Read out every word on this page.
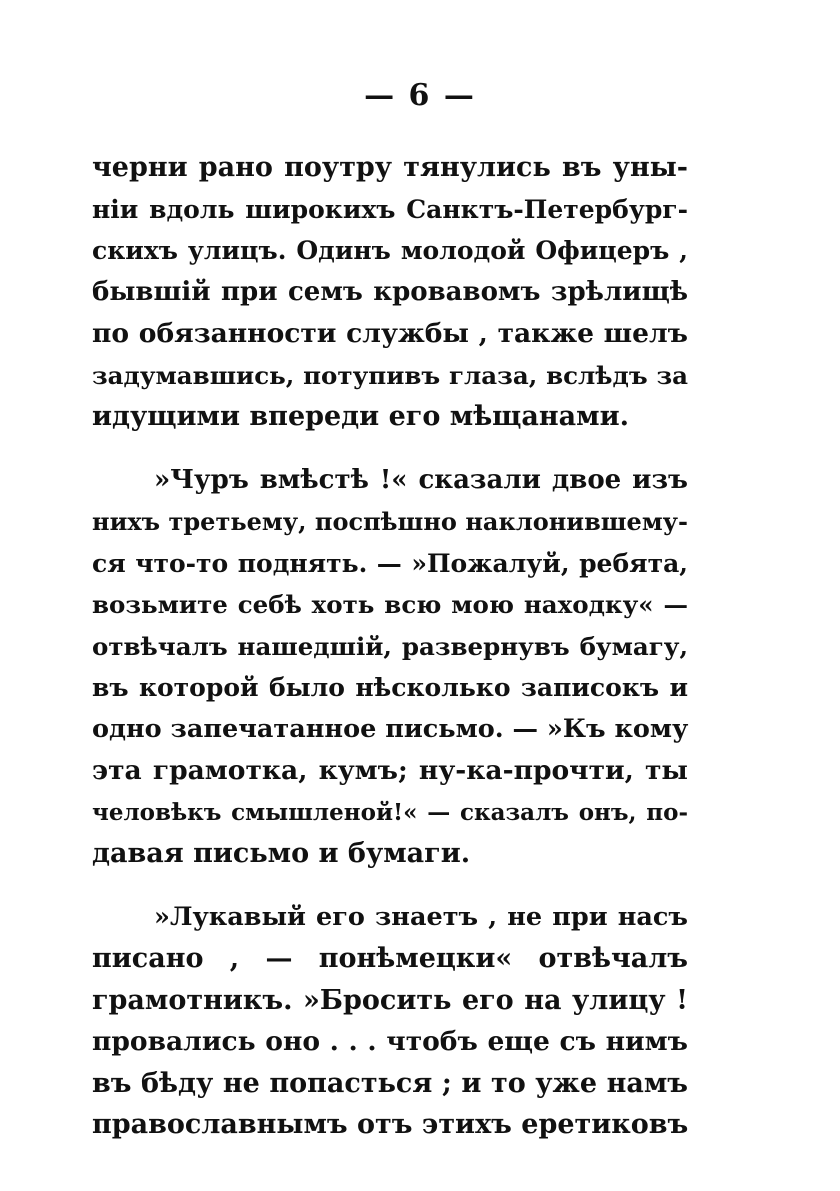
— 6 —
черни рано поутру тянулись въ уны-
ніи вдоль широкихъ Санктъ-Петербург-
скихъ улицъ. Одинъ молодой Офицеръ ,
бывшій при семъ кровавомъ зрѣлищѣ
по обязанности службы , также шелъ
задумавшись, потупивъ глаза, вслѣдъ за
идущими впереди его мѣщанами.
»Чуръ вмѣстѣ !« сказали двое изъ
нихъ третьему, поспѣшно наклонившему-
ся что-то поднять. — »Пожалуй, ребята,
возьмите себѣ хоть всю мою находку« —
отвѣчалъ нашедшій, развернувъ бумагу,
въ которой было нѣсколько записокъ и
одно запечатанное письмо. — »Къ кому
эта грамотка, кумъ; ну-ка-прочти, ты
человѣкъ смышленой!« — сказалъ онъ, по-
давая письмо и бумаги.
»Лукавый его знаетъ , не при насъ
писано , — понѣмецки« отвѣчалъ
грамотникъ. »Бросить его на улицу !
провались оно . . . чтобъ еще съ нимъ
въ бѣду не попасться ; и то уже намъ
православнымъ отъ этихъ еретиковъ
